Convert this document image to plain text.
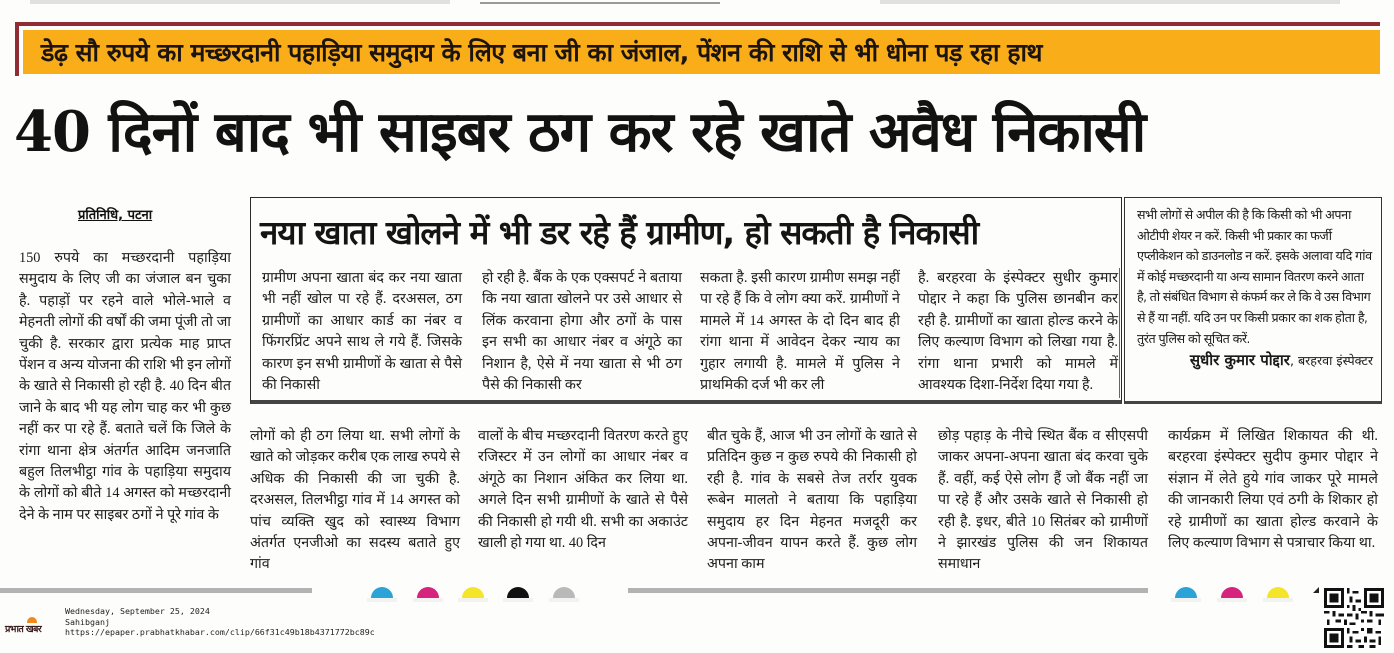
डेढ़ सौ रुपये का मच्छरदानी पहाड़िया समुदाय के लिए बना जी का जंजाल, पेंशन की राशि से भी धोना पड़ रहा हाथ
40 दिनों बाद भी साइबर ठग कर रहे खाते अवैध निकासी
प्रतिनिधि, पटना
150 रुपये का मच्छरदानी पहाड़िया समुदाय के लिए जी का जंजाल बन चुका है. पहाड़ों पर रहने वाले भोले-भाले व मेहनती लोगों की वर्षों की जमा पूंजी तो जा चुकी है. सरकार द्वारा प्रत्येक माह प्राप्त पेंशन व अन्य योजना की राशि भी इन लोगों के खाते से निकासी हो रही है. 40 दिन बीत जाने के बाद भी यह लोग चाह कर भी कुछ नहीं कर पा रहे हैं. बताते चलें कि जिले के रांगा थाना क्षेत्र अंतर्गत आदिम जनजाति बहुल तिलभीट्ठा गांव के पहाड़िया समुदाय के लोगों को बीते 14 अगस्त को मच्छरदानी देने के नाम पर साइबर ठगों ने पूरे गांव के
नया खाता खोलने में भी डर रहे हैं ग्रामीण, हो सकती है निकासी
ग्रामीण अपना खाता बंद कर नया खाता भी नहीं खोल पा रहे हैं. दरअसल, ठग ग्रामीणों का आधार कार्ड का नंबर व फिंगरप्रिंट अपने साथ ले गये हैं. जिसके कारण इन सभी ग्रामीणों के खाता से पैसे की निकासी
हो रही है. बैंक के एक एक्सपर्ट ने बताया कि नया खाता खोलने पर उसे आधार से लिंक करवाना होगा और ठगों के पास इन सभी का आधार नंबर व अंगूठे का निशान है, ऐसे में नया खाता से भी ठग पैसे की निकासी कर
सकता है. इसी कारण ग्रामीण समझ नहीं पा रहे हैं कि वे लोग क्या करें. ग्रामीणों ने मामले में 14 अगस्त के दो दिन बाद ही रांगा थाना में आवेदन देकर न्याय का गुहार लगायी है. मामले में पुलिस ने प्राथमिकी दर्ज भी कर ली
है. बरहरवा के इंस्पेक्टर सुधीर कुमार पोद्दार ने कहा कि पुलिस छानबीन कर रही है. ग्रामीणों का खाता होल्ड करने के लिए कल्याण विभाग को लिखा गया है. रांगा थाना प्रभारी को मामले में आवश्यक दिशा-निर्देश दिया गया है.
सभी लोगों से अपील की है कि किसी को भी अपना ओटीपी शेयर न करें. किसी भी प्रकार का फर्जी एप्लीकेशन को डाउनलोड न करें. इसके अलावा यदि गांव में कोई मच्छरदानी या अन्य सामान वितरण करने आता है, तो संबंधित विभाग से कंफर्म कर ले कि वे उस विभाग से हैं या नहीं. यदि उन पर किसी प्रकार का शक होता है, तुरंत पुलिस को सूचित करें.
सुधीर कुमार पोद्दार, बरहरवा इंस्पेक्टर
लोगों को ही ठग लिया था. सभी लोगों के खाते को जोड़कर करीब एक लाख रुपये से अधिक की निकासी की जा चुकी है. दरअसल, तिलभीट्ठा गांव में 14 अगस्त को पांच व्यक्ति खुद को स्वास्थ्य विभाग अंतर्गत एनजीओ का सदस्य बताते हुए गांव
वालों के बीच मच्छरदानी वितरण करते हुए रजिस्टर में उन लोगों का आधार नंबर व अंगूठे का निशान अंकित कर लिया था. अगले दिन सभी ग्रामीणों के खाते से पैसे की निकासी हो गयी थी. सभी का अकाउंट खाली हो गया था. 40 दिन
बीत चुके हैं, आज भी उन लोगों के खाते से प्रतिदिन कुछ न कुछ रुपये की निकासी हो रही है. गांव के सबसे तेज तर्रार युवक रूबेन मालतो ने बताया कि पहाड़िया समुदाय हर दिन मेहनत मजदूरी कर अपना-जीवन यापन करते हैं. कुछ लोग अपना काम
छोड़ पहाड़ के नीचे स्थित बैंक व सीएसपी जाकर अपना-अपना खाता बंद करवा चुके हैं. वहीं, कई ऐसे लोग हैं जो बैंक नहीं जा पा रहे हैं और उसके खाते से निकासी हो रही है. इधर, बीते 10 सितंबर को ग्रामीणों ने झारखंड पुलिस की जन शिकायत समाधान
कार्यक्रम में लिखित शिकायत की थी. बरहरवा इंस्पेक्टर सुदीप कुमार पोद्दार ने संज्ञान में लेते हुये गांव जाकर पूरे मामले की जानकारी लिया एवं ठगी के शिकार हो रहे ग्रामीणों का खाता होल्ड करवाने के लिए कल्याण विभाग से पत्राचार किया था.
प्रभात खबर
Wednesday, September 25, 2024
Sahibganj
https://epaper.prabhatkhabar.com/clip/66f31c49b18b4371772bc89c
